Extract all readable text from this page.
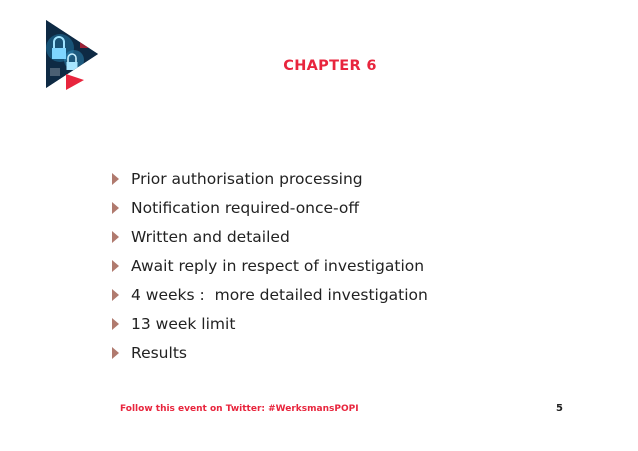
CHAPTER 6
Prior authorisation processing
Notification required-once-off
Written and detailed
Await reply in respect of investigation
4 weeks :  more detailed investigation
13 week limit
Results
Follow this event on Twitter: #WerksmansPOPI	5
